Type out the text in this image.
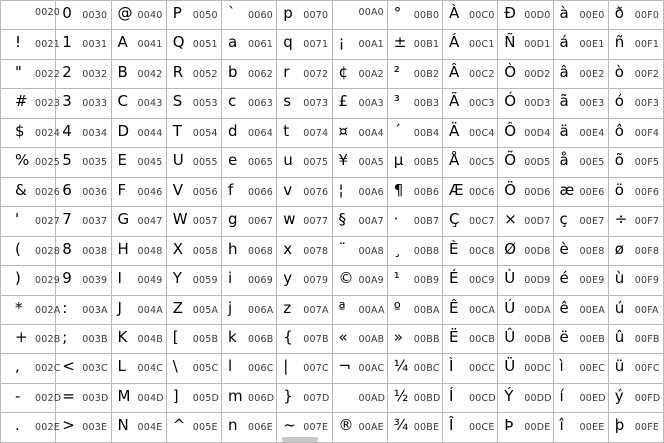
0020	0 0030	@ 0040	P 0050	` 0060	p 0070	00A0	° 00B0	À 00C0	Ð 00D0	à 00E0	ð 00F0

! 0021	1 0031	A 0041	Q 0051	a 0061	q 0071	¡ 00A1	± 00B1	Á 00C1	Ñ 00D1	á 00E1	ñ 00F1

" 0022	2 0032	B 0042	R 0052	b 0062	r 0072	¢ 00A2	² 00B2	Â 00C2	Ò 00D2	â 00E2	ò 00F2

# 0023	3 0033	C 0043	S 0053	c 0063	s 0073	£ 00A3	³ 00B3	Ã 00C3	Ó 00D3	ã 00E3	ó 00F3

$ 0024	4 0034	D 0044	T 0054	d 0064	t 0074	¤ 00A4	´ 00B4	Ä 00C4	Ô 00D4	ä 00E4	ô 00F4

% 0025	5 0035	E 0045	U 0055	e 0065	u 0075	¥ 00A5	µ 00B5	Å 00C5	Õ 00D5	å 00E5	õ 00F5

& 0026	6 0036	F 0046	V 0056	f 0066	v 0076	¦ 00A6	¶ 00B6	Æ 00C6	Ö 00D6	æ 00E6	ö 00F6

' 0027	7 0037	G 0047	W 0057	g 0067	w 0077	§ 00A7	· 00B7	Ç 00C7	× 00D7	ç 00E7	÷ 00F7

( 0028	8 0038	H 0048	X 0058	h 0068	x 0078	¨ 00A8	¸ 00B8	È 00C8	Ø 00D8	è 00E8	ø 00F8

) 0029	9 0039	I 0049	Y 0059	i 0069	y 0079	© 00A9	¹ 00B9	É 00C9	Ù 00D9	é 00E9	ù 00F9

* 002A	: 003A	J 004A	Z 005A	j 006A	z 007A	ª 00AA	º 00BA	Ê 00CA	Ú 00DA	ê 00EA	ú 00FA

+ 002B	; 003B	K 004B	[ 005B	k 006B	{ 007B	« 00AB	» 00BB	Ë 00CB	Û 00DB	ë 00EB	û 00FB

, 002C	< 003C	L 004C	\ 005C	l 006C	| 007C	¬ 00AC	¼ 00BC	Ì 00CC	Ü 00DC	ì 00EC	ü 00FC

- 002D	= 003D	M 004D	] 005D	m 006D	} 007D	00AD	½ 00BD	Í 00CD	Ý 00DD	í 00ED	ý 00FD

. 002E	> 003E	N 004E	^ 005E	n 006E	~ 007E	® 00AE	¾ 00BE	Î 00CE	Þ 00DE	î 00EE	þ 00FE
